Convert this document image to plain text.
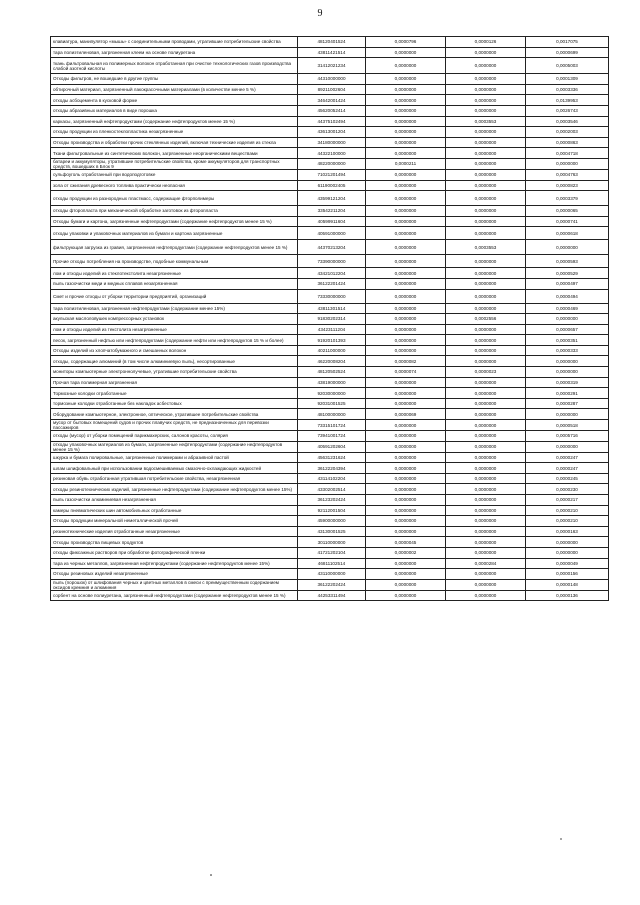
9
клавиатура, манипулятор «мышь» с соединительными проводами, утратившие потребительские свойства	48120401524	0,0000796	0,0000126	0,0017075
тара полиэтиленовая, загрязненная клеем на основе полиуретана	43811421514	0,0000000	0,0000000	0,0000699
ткань фильтровальная из полимерных волокон отработанная при очистке технологических газов производства слабой азотной кислоты	31412021234	0,0000000	0,0000000	0,0005003
Отходы фильтров, не вошедшие в другие группы	44310000000	0,0000000	0,0000000	0,0001309
обтирочный материал, загрязненный лакокрасочными материалами (в количестве менее 5 %)	89211002604	0,0000000	0,0000000	0,0003336
отходы асбоцемента в кусковой форме	34642001424	0,0000000	0,0000000	0,0139953
отходы абразивных материалов в виде порошка	45620052414	0,0000000	0,0000000	0,0026743
каркасы, загрязненный нефтепродуктами (содержание нефтепродуктов менее 15 %)	44375102494	0,0000000	0,0003553	0,0003546
отходы продукции из пленкостеклопластика незагрязненные	43613001204	0,0000000	0,0000000	0,0002003
Отходы производства и обработки прочих стеклянных изделий, включая технические изделия из стекла	34180000000	0,0000000	0,0000000	0,0000863
Ткани фильтровальные из синтетических волокон, загрязненные неорганическими веществами	44322100000	0,0000000	0,0000000	0,0004718
батареи и аккумуляторы, утратившие потребительские свойства, кроме аккумуляторов для транспортных средств, вошедших в Блок 9	48220000000	0,0000211	0,0000000	0,0000000
сульфоуголь отработанный при водоподготовке	71021201494	0,0000000	0,0000000	0,0004763
зола от сжигания древесного топлива практически неопасная	61190002405	0,0000000	0,0000000	0,0000823
отходы продукции из разнородных пластмасс, содержащие фторполимеры	43599121204	0,0000000	0,0000000	0,0003379
отходы фторопласта при механической обработке заготовок из фторопласта	33542211204	0,0000000	0,0000000	0,0000065
Отходы бумаги и картона, загрязненные нефтепродуктами (содержание нефтепродуктов менее 15 %)	40599911604	0,0000000	0,0000000	0,0000741
отходы упаковки и упаковочных материалов из бумаги и картона загрязненные	40591000000	0,0000000	0,0000000	0,0000618
фильтрующая загрузка из гравия, загрязненная нефтепродуктами (содержание нефтепродуктов менее 15 %)	44370213204	0,0000000	0,0003553	0,0000000
Прочие отходы потребления на производстве, подобные коммунальным	73390000000	0,0000000	0,0000000	0,0000593
лом и отходы изделий из стеклотекстолита незагрязненные	43421012204	0,0000000	0,0000000	0,0000529
пыль газоочистки меди и медных сплавов незагрязненная	36122201424	0,0000000	0,0000000	0,0000497
Смет и прочие отходы от уборки территории предприятий, организаций	73330000000	0,0000000	0,0000000	0,0000494
тара полиэтиленовая, загрязненная нефтепродуктами (содержание менее 15%)	43811301514	0,0000000	0,0000000	0,0000469
акульская маслоловушек компрессорных установок	91830202314	0,0000000	0,0002556	0,0000000
лом и отходы изделий из текстолита незагрязненные	43423111204	0,0000000	0,0000000	0,0000657
песок, загрязненный нефтью или нефтепродуктами (содержание нефти или нефтепродуктов 15 % и более)	91920101393	0,0000000	0,0000000	0,0000351
Отходы изделий из хлопчатобумажного и смешанных волокон	40211000000	0,0000000	0,0000000	0,0000333
отходы, содержащие алюминий (в том числе алюминиевую пыль), несортированные	46220008204	0,0000082	0,0000000	0,0000000
мониторы компьютерные электроннолучевые, утратившие потребительские свойства	48120502524	0,0000074	0,0000023	0,0000000
Прочая тара полимерная загрязненная	43819000000	0,0000000	0,0000000	0,0000319
Тормозные колодки отработанные	92030000000	0,0000000	0,0000000	0,0000291
тормозные колодки отработанные без накладок асбестовых	92031001525	0,0000000	0,0000000	0,0000287
Оборудование компьютерное, электронное, оптическое, утратившее потребительские свойства	48100000000	0,0000069	0,0000000	0,0000000
мусор от бытовых помещений судов и прочих плавучих средств, не предназначенных для перевозки пассажиров	73315101724	0,0000000	0,0000000	0,0000518
отходы (мусор) от уборки помещений парикмахерских, салонов красоты, солярия	73941001724	0,0000000	0,0000000	0,0005716
отходы упаковочных материалов из бумаги, загрязненные нефтепродуктами (содержание нефтепродуктов менее 15 %)	40591202604	0,0000000	0,0000000	0,0000000
шкурка и бумага полировальные, загрязненные полимерами и абразивной пастой	45631231624	0,0000000	0,0000000	0,0000247
шлам шлифовальный при использовании водосмешиваемых смазочно-охлаждающих жидкостей	36122204394	0,0000000	0,0000000	0,0000247
резиновая обувь отработанная утратившая потребительские свойства, незагрязненная	43114102204	0,0000000	0,0000000	0,0000245
отходы резинотехнических изделий, загрязненные нефтепродуктами (содержание нефтепродуктов менее 15%)	43302002514	0,0000000	0,0000000	0,0000230
пыль газоочистки алюминиевая незагрязненная	36123202424	0,0000000	0,0000000	0,0000217
камеры пневматических шин автомобильных отработанные	92112001504	0,0000000	0,0000000	0,0000210
Отходы продукции минеральной неметаллической прочей	45900000000	0,0000000	0,0000000	0,0000210
резинотехнические изделия отработанные незагрязненные	43130001525	0,0000000	0,0000000	0,0000163
Отходы производства пищевых продуктов	30110000000	0,0000045	0,0000000	0,0000000
отходы фиксажных растворов при обработке фотографической пленки	41721202104	0,0000002	0,0000000	0,0000000
тара из черных металлов, загрязненная нефтепродуктами (содержание нефтепродуктов менее 15%)	46811102514	0,0000000	0,0000284	0,0000049
Отходы резиновых изделий незагрязненные	43110000000	0,0000000	0,0000000	0,0000156
пыль (порошок) от шлифования черных и цветных металлов в смеси с преимущественным содержанием оксидов кремния и алюминия	36122202424	0,0000000	0,0000000	0,0000148
сорбент на основе полиуретана, загрязненный нефтепродуктами (содержание нефтепродуктов менее 15 %)	44253311494	0,0000000	0,0000000	0,0000136
